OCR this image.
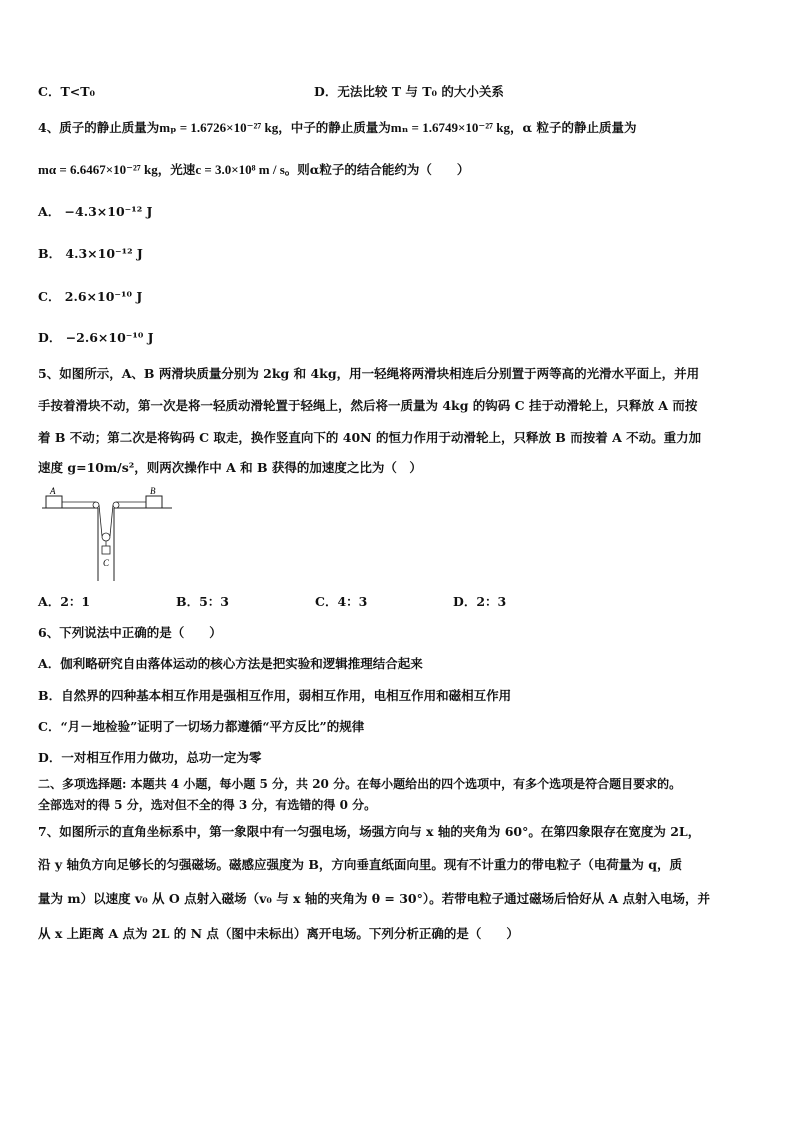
C．T<T₀	D．无法比较 T 与 T₀ 的大小关系
4、质子的静止质量为mₚ = 1.6726×10⁻²⁷ kg，中子的静止质量为mₙ = 1.6749×10⁻²⁷ kg，α 粒子的静止质量为
mα = 6.6467×10⁻²⁷ kg，光速c = 3.0×10⁸ m / s。则α粒子的结合能约为（　　）
A． −4.3×10⁻¹² J
B． 4.3×10⁻¹² J
C． 2.6×10⁻¹⁰ J
D． −2.6×10⁻¹⁰ J
5、如图所示，A、B 两滑块质量分别为 2kg 和 4kg，用一轻绳将两滑块相连后分别置于两等高的光滑水平面上，并用
手按着滑块不动，第一次是将一轻质动滑轮置于轻绳上，然后将一质量为 4kg 的钩码 C 挂于动滑轮上，只释放 A 而按
着 B 不动；第二次是将钩码 C 取走，换作竖直向下的 40N 的恒力作用于动滑轮上，只释放 B 而按着 A 不动。重力加
速度 g=10m/s²，则两次操作中 A 和 B 获得的加速度之比为（　）
A	B
C
A．2：1	B．5：3	C．4：3	D．2：3
6、下列说法中正确的是（　　）
A．伽利略研究自由落体运动的核心方法是把实验和逻辑推理结合起来
B．自然界的四种基本相互作用是强相互作用，弱相互作用，电相互作用和磁相互作用
C．“月－地检验”证明了一切场力都遵循“平方反比”的规律
D．一对相互作用力做功，总功一定为零
二、多项选择题: 本题共 4 小题，每小题 5 分，共 20 分。在每小题给出的四个选项中，有多个选项是符合题目要求的。
全部选对的得 5 分，选对但不全的得 3 分，有选错的得 0 分。
7、如图所示的直角坐标系中，第一象限中有一匀强电场，场强方向与 x 轴的夹角为 60°。在第四象限存在宽度为 2L，
沿 y 轴负方向足够长的匀强磁场。磁感应强度为 B，方向垂直纸面向里。现有不计重力的带电粒子（电荷量为 q，质
量为 m）以速度 v₀ 从 O 点射入磁场（v₀ 与 x 轴的夹角为 θ = 30°）。若带电粒子通过磁场后恰好从 A 点射入电场，并
从 x 上距离 A 点为 2L 的 N 点（图中未标出）离开电场。下列分析正确的是（　　）
